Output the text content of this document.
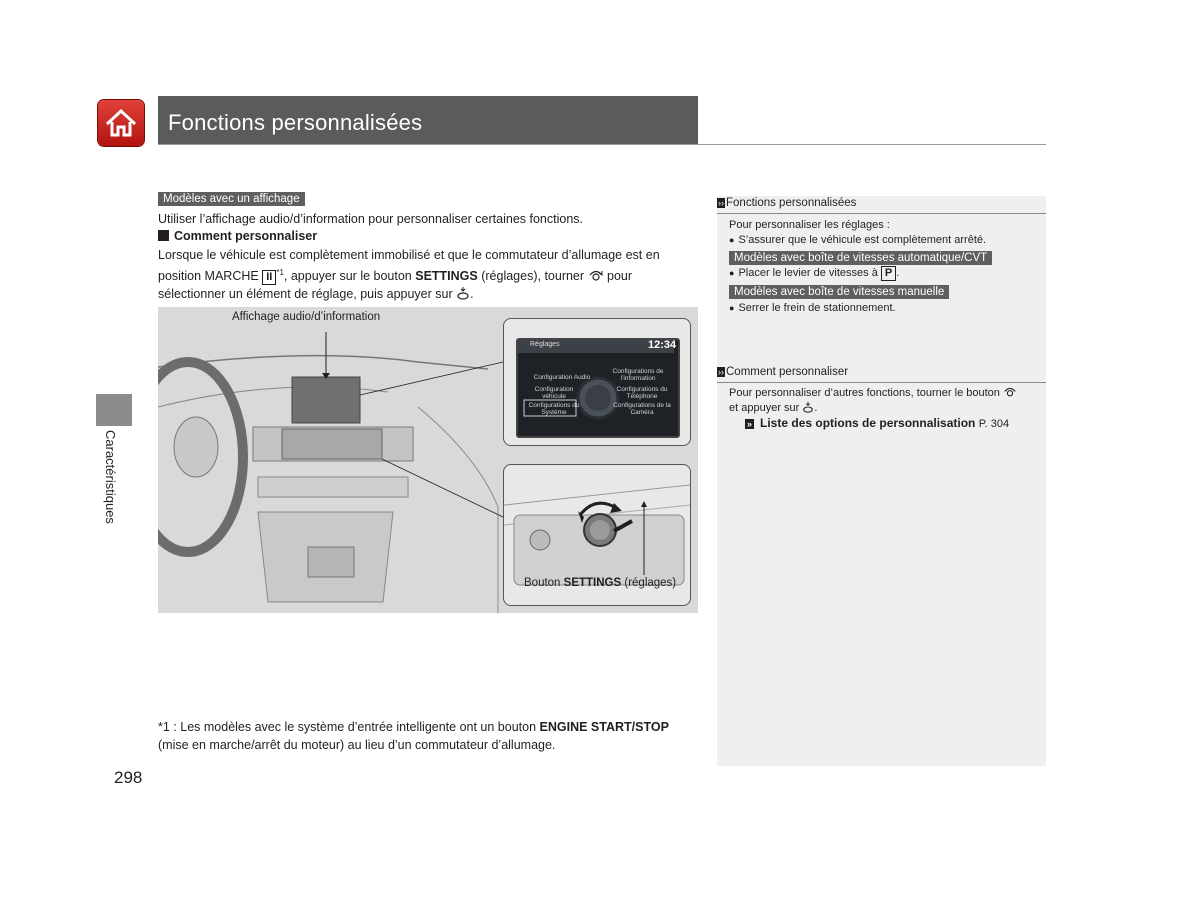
Fonctions personnalisées
Caractéristiques
Modèles avec un affichage
Utiliser l’affichage audio/d’information pour personnaliser certaines fonctions.
Comment personnaliser
Lorsque le véhicule est complètement immobilisé et que le commutateur d’allumage est en position MARCHE II $^{*1}$, appuyer sur le bouton SETTINGS (réglages), tourner  pour sélectionner un élément de réglage, puis appuyer sur .
Affichage audio/d’information
Configuration Audio
Configurations de l’information
Configuration véhicule
Configurations du Téléphone
Configurations du Système
Configurations de la Caméra
Réglages	12:34
Bouton SETTINGS (réglages)
*1 : Les modèles avec le système d’entrée intelligente ont un bouton ENGINE START/STOP (mise en marche/arrêt du moteur) au lieu d’un commutateur d’allumage.
298
›› Fonctions personnalisées
Pour personnaliser les réglages :
● S’assurer que le véhicule est complètement arrêté.
Modèles avec boîte de vitesses automatique/CVT
● Placer le levier de vitesses à P .
Modèles avec boîte de vitesses manuelle
● Serrer le frein de stationnement.
›› Comment personnaliser
Pour personnaliser d’autres fonctions, tourner le bouton
et appuyer sur .
» Liste des options de personnalisation P. 304
